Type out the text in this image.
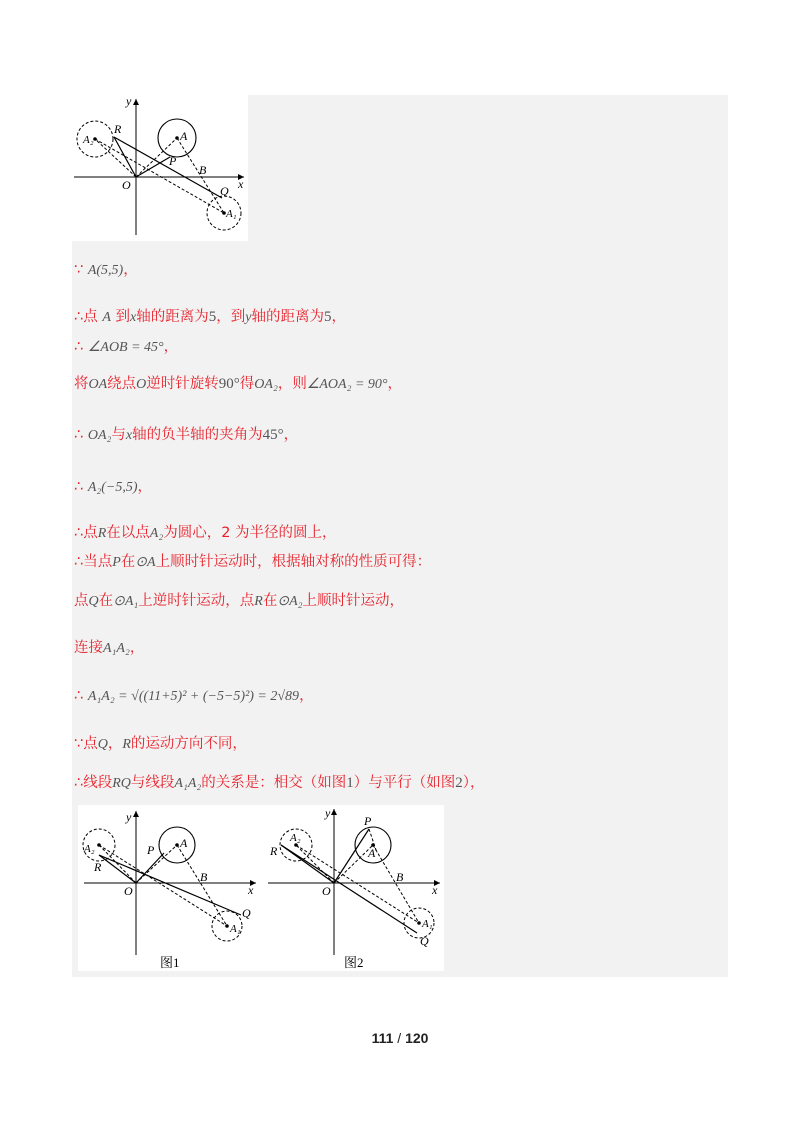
y
x
A
A₂
R
P
B
O	Q
A₁
∵ A(5,5)，
∴点 A 到x轴的距离为5，到y轴的距离为5，
∴ ∠AOB = 45°，
将OA绕点O逆时针旋转90°得OA₂，则∠AOA₂ = 90°，
∴ OA₂与x轴的负半轴的夹角为45°，
∴ A₂(−5,5)，
∴点R在以点A₂为圆心，2 为半径的圆上，
∴当点P在⊙A上顺时针运动时，根据轴对称的性质可得：
点Q在⊙A₁上逆时针运动，点R在⊙A₂上顺时针运动，
连接A₁A₂，
∴ A₁A₂ = √((11+5)² + (−5−5)²) = 2√89，
∵点Q，R的运动方向不同，
∴线段RQ与线段A₁A₂的关系是：相交（如图1）与平行（如图2），
y
x
A
A₂
R
P
B
O
Q
A₁
图1
y
x
A
A₂
R
P
B
O
Q
A₁
图2
111 / 120
